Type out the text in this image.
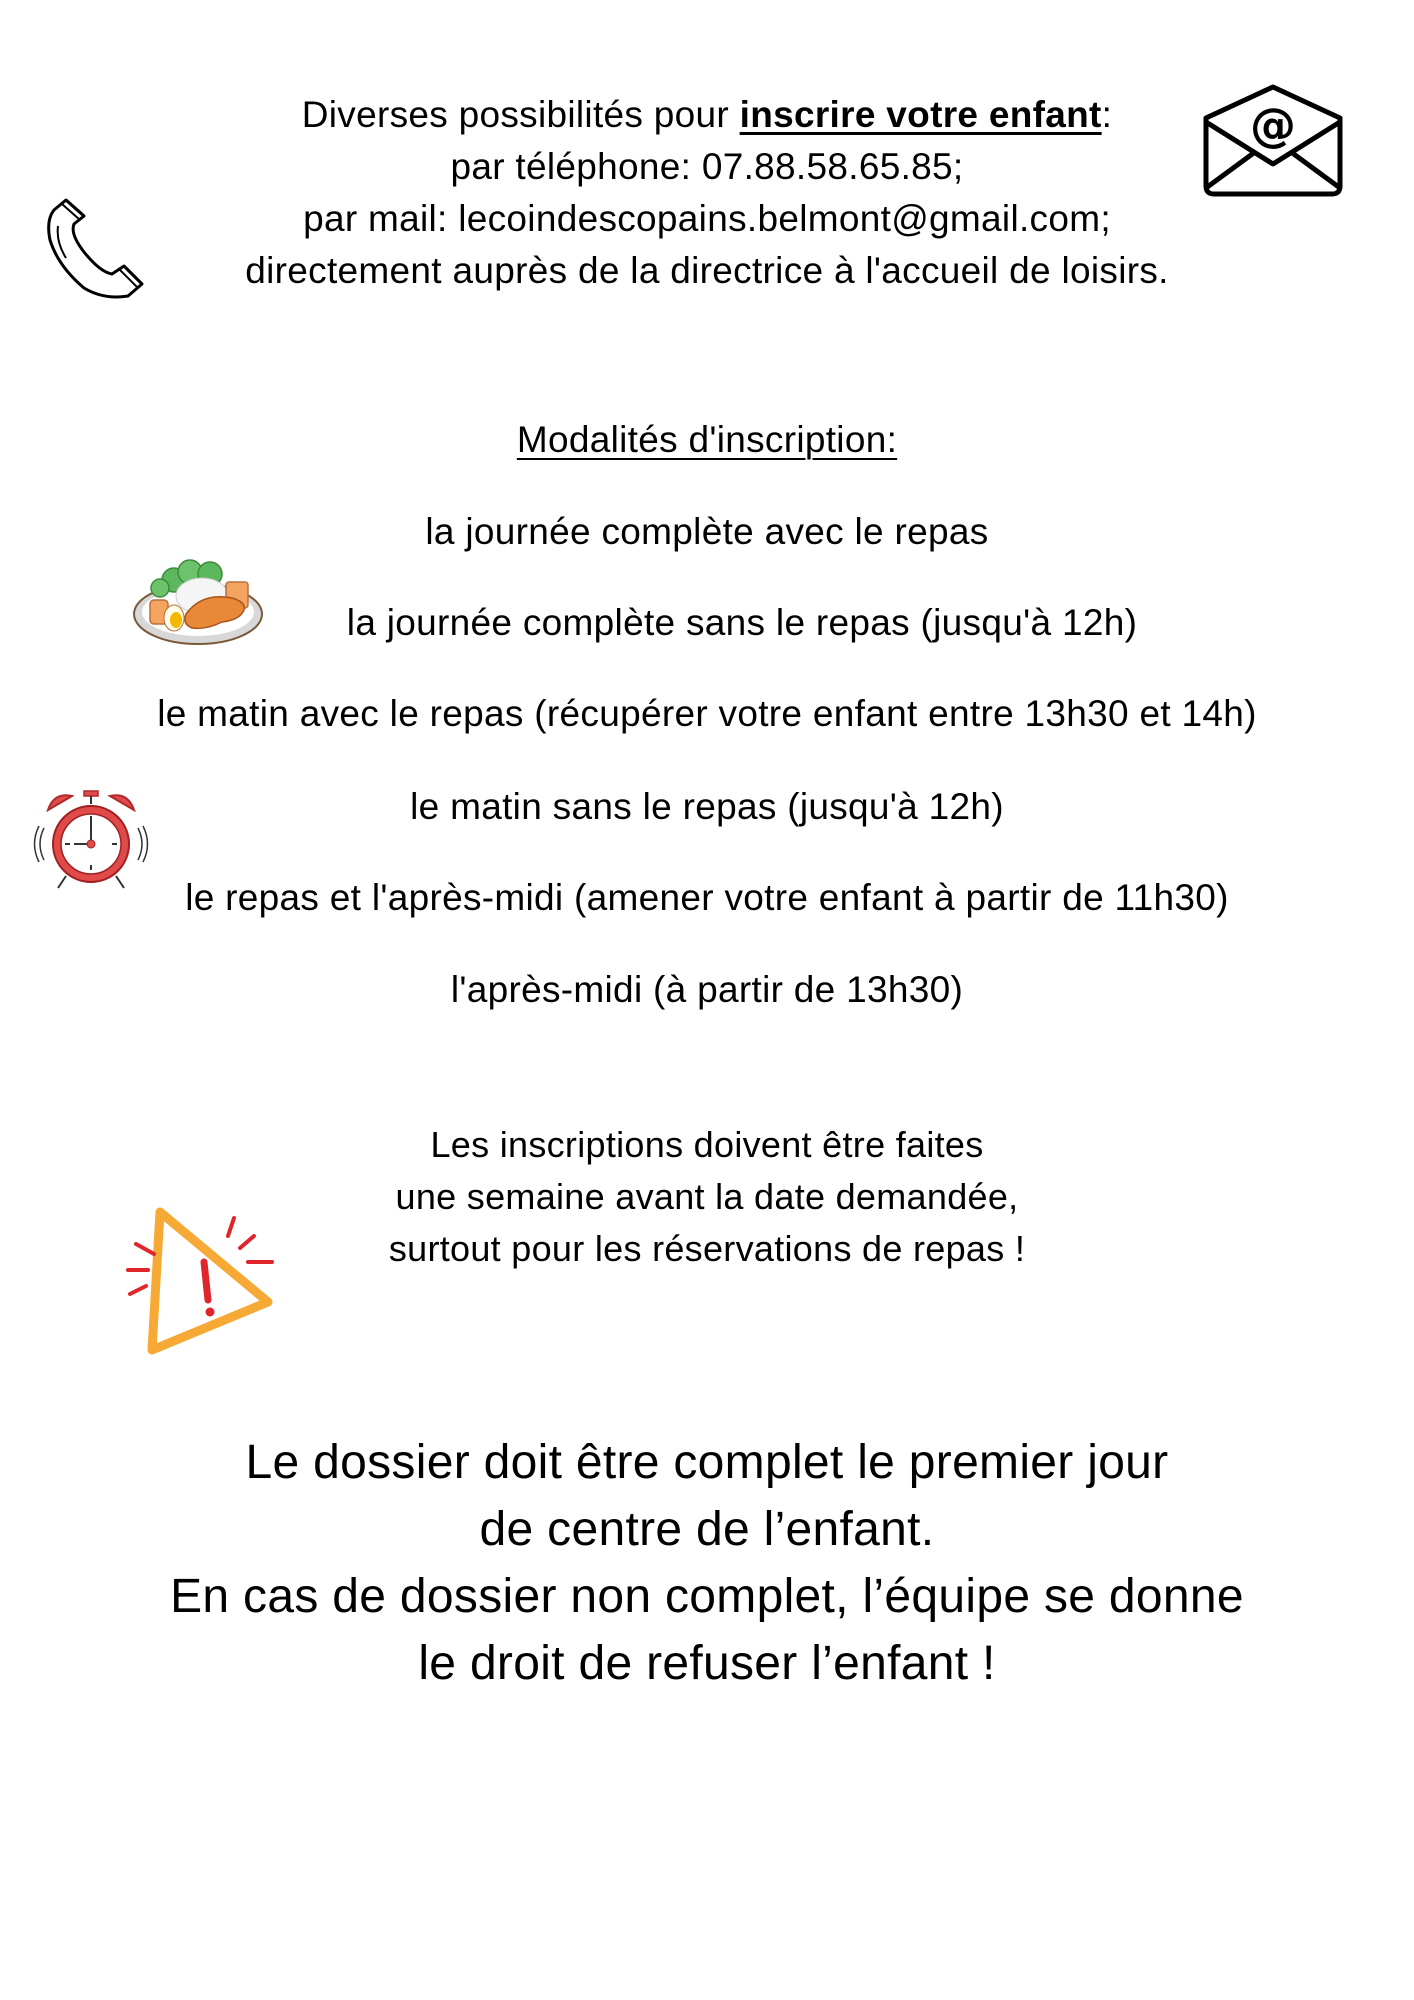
Diverses possibilités pour inscrire votre enfant:
par téléphone: 07.88.58.65.85;
par mail: lecoindescopains.belmont@gmail.com;
directement auprès de la directrice à l'accueil de loisirs.
@
Modalités d'inscription:
la journée complète avec le repas
la journée complète sans le repas (jusqu'à 12h)
le matin avec le repas (récupérer votre enfant entre 13h30 et 14h)
le matin sans le repas (jusqu'à 12h)
le repas et l'après-midi (amener votre enfant à partir de 11h30)
l'après-midi (à partir de 13h30)
Les inscriptions doivent être faites
une semaine avant la date demandée,
surtout pour les réservations de repas !
Le dossier doit être complet le premier jour
de centre de l’enfant.
En cas de dossier non complet, l’équipe se donne
le droit de refuser l’enfant !
